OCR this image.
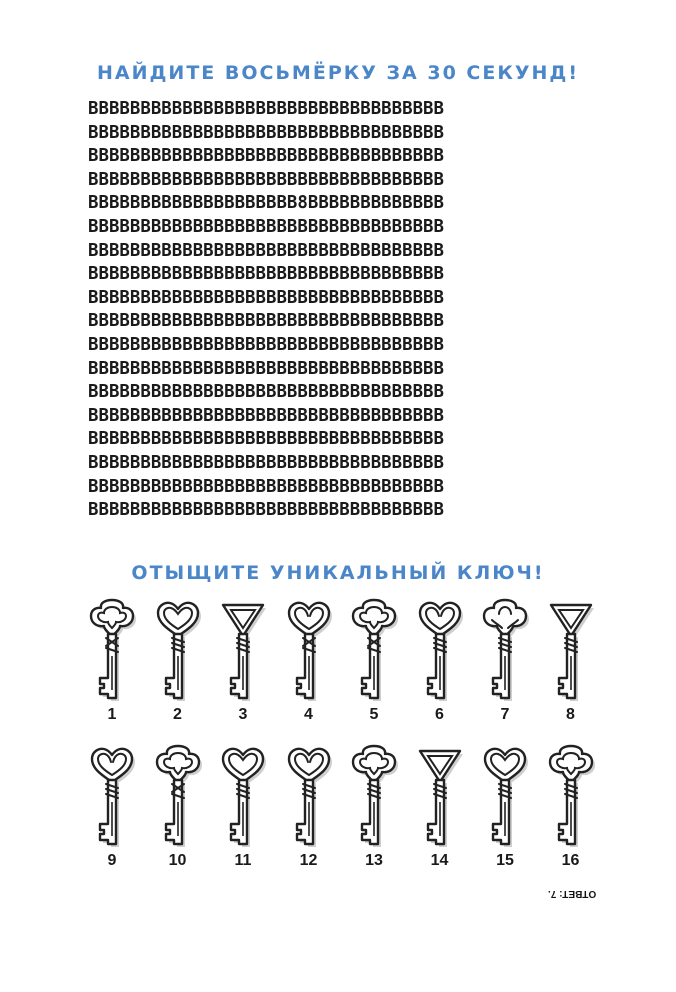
НАЙДИТЕ ВОСЬМЁРКУ ЗА 30 СЕКУНД!
BBBBBBBBBBBBBBBBBBBBBBBBBBBBBBBBBB
BBBBBBBBBBBBBBBBBBBBBBBBBBBBBBBBBB
BBBBBBBBBBBBBBBBBBBBBBBBBBBBBBBBBB
BBBBBBBBBBBBBBBBBBBBBBBBBBBBBBBBBB
BBBBBBBBBBBBBBBBBBBB8BBBBBBBBBBBBB
BBBBBBBBBBBBBBBBBBBBBBBBBBBBBBBBBB
BBBBBBBBBBBBBBBBBBBBBBBBBBBBBBBBBB
BBBBBBBBBBBBBBBBBBBBBBBBBBBBBBBBBB
BBBBBBBBBBBBBBBBBBBBBBBBBBBBBBBBBB
BBBBBBBBBBBBBBBBBBBBBBBBBBBBBBBBBB
BBBBBBBBBBBBBBBBBBBBBBBBBBBBBBBBBB
BBBBBBBBBBBBBBBBBBBBBBBBBBBBBBBBBB
BBBBBBBBBBBBBBBBBBBBBBBBBBBBBBBBBB
BBBBBBBBBBBBBBBBBBBBBBBBBBBBBBBBBB
BBBBBBBBBBBBBBBBBBBBBBBBBBBBBBBBBB
BBBBBBBBBBBBBBBBBBBBBBBBBBBBBBBBBB
BBBBBBBBBBBBBBBBBBBBBBBBBBBBBBBBBB
BBBBBBBBBBBBBBBBBBBBBBBBBBBBBBBBBB
ОТЫЩИТЕ УНИКАЛЬНЫЙ КЛЮЧ!
1	2	3	4	5	6	7	8
9	10	11	12	13	14	15	16
ОТВЕТ: 7.
